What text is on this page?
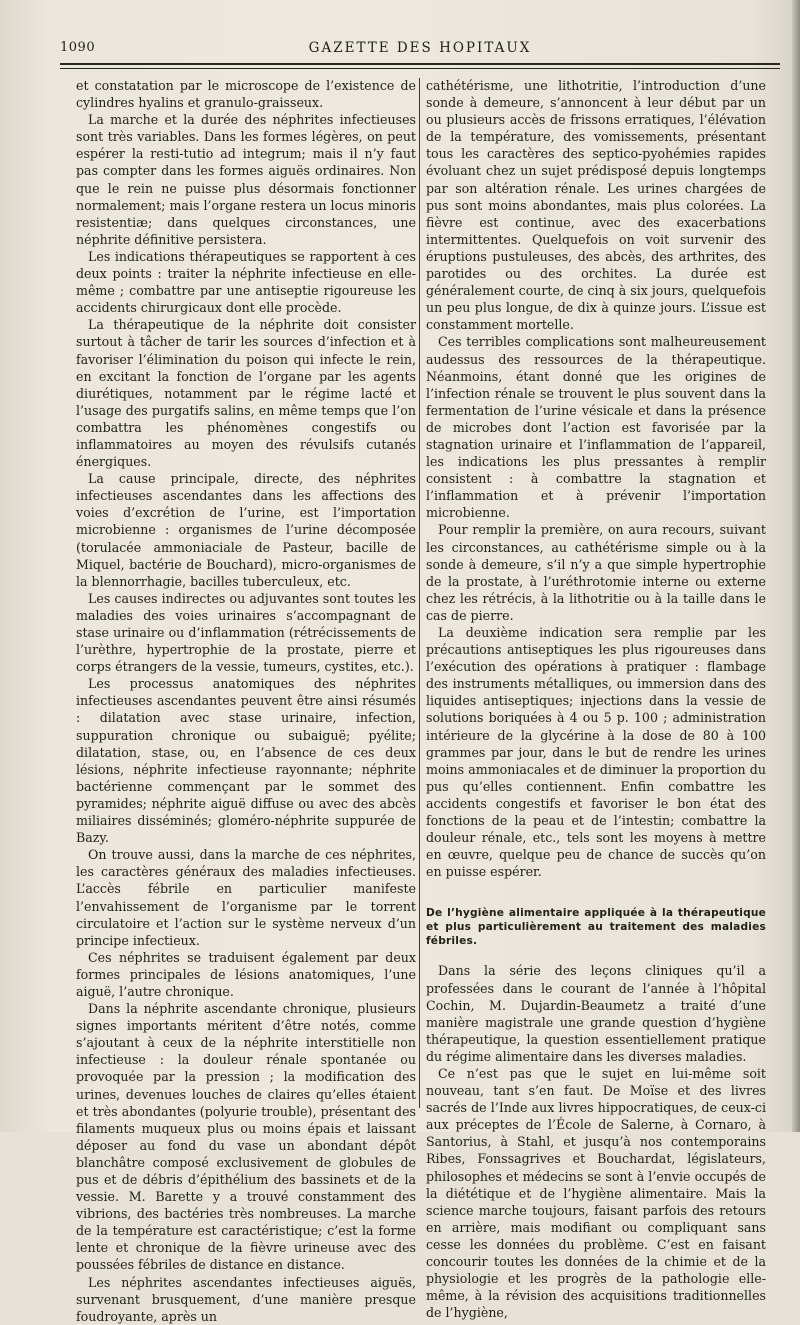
1090	GAZETTE DES HOPITAUX

et constatation par le microscope de l’existence de cylindres hyalins et granulo-graisseux.

La marche et la durée des néphrites infectieuses sont très variables. Dans les formes légères, on peut espérer la resti-tutio ad integrum; mais il n’y faut pas compter dans les formes aiguës ordinaires. Non que le rein ne puisse plus désormais fonctionner normalement; mais l’organe restera un locus minoris resistentiæ; dans quelques circonstances, une néphrite définitive persistera.

Les indications thérapeutiques se rapportent à ces deux points : traiter la néphrite infectieuse en elle-même ; combattre par une antiseptie rigoureuse les accidents chirurgicaux dont elle procède.

La thérapeutique de la néphrite doit consister surtout à tâcher de tarir les sources d’infection et à favoriser l’élimination du poison qui infecte le rein, en excitant la fonction de l’organe par les agents diurétiques, notamment par le régime lacté et l’usage des purgatifs salins, en même temps que l’on combattra les phénomènes congestifs ou inflammatoires au moyen des révulsifs cutanés énergiques.

La cause principale, directe, des néphrites infectieuses ascendantes dans les affections des voies d’excrétion de l’urine, est l’importation microbienne : organismes de l’urine décomposée (torulacée ammoniaciale de Pasteur, bacille de Miquel, bactérie de Bouchard), micro-organismes de la blennorrhagie, bacilles tuberculeux, etc.

Les causes indirectes ou adjuvantes sont toutes les maladies des voies urinaires s’accompagnant de stase urinaire ou d’inflammation (rétrécissements de l’urèthre, hypertrophie de la prostate, pierre et corps étrangers de la vessie, tumeurs, cystites, etc.).

Les processus anatomiques des néphrites infectieuses ascendantes peuvent être ainsi résumés : dilatation avec stase urinaire, infection, suppuration chronique ou subaiguë; pyélite; dilatation, stase, ou, en l’absence de ces deux lésions, néphrite infectieuse rayonnante; néphrite bactérienne commençant par le sommet des pyramides; néphrite aiguë diffuse ou avec des abcès miliaires disséminés; gloméro-néphrite suppurée de Bazy.

On trouve aussi, dans la marche de ces néphrites, les caractères généraux des maladies infectieuses. L’accès fébrile en particulier manifeste l’envahissement de l’organisme par le torrent circulatoire et l’action sur le système nerveux d’un principe infectieux.

Ces néphrites se traduisent également par deux formes principales de lésions anatomiques, l’une aiguë, l’autre chronique.

Dans la néphrite ascendante chronique, plusieurs signes importants méritent d’être notés, comme s’ajoutant à ceux de la néphrite interstitielle non infectieuse : la douleur rénale spontanée ou provoquée par la pression ; la modification des urines, devenues louches de claires qu’elles étaient et très abondantes (polyurie trouble), présentant des filaments muqueux plus ou moins épais et laissant déposer au fond du vase un abondant dépôt blanchâtre composé exclusivement de globules de pus et de débris d’épithélium des bassinets et de la vessie. M. Barette y a trouvé constamment des vibrions, des bactéries très nombreuses. La marche de la température est caractéristique; c’est la forme lente et chronique de la fièvre urineuse avec des poussées fébriles de distance en distance.

Les néphrites ascendantes infectieuses aiguës, survenant brusquement, d’une manière presque foudroyante, après un

cathétérisme, une lithotritie, l’introduction d’une sonde à demeure, s’annoncent à leur début par un ou plusieurs accès de frissons erratiques, l’élévation de la température, des vomissements, présentant tous les caractères des septico-pyohémies rapides évoluant chez un sujet prédisposé depuis longtemps par son altération rénale. Les urines chargées de pus sont moins abondantes, mais plus colorées. La fièvre est continue, avec des exacerbations intermittentes. Quelquefois on voit survenir des éruptions pustuleuses, des abcès, des arthrites, des parotides ou des orchites. La durée est généralement courte, de cinq à six jours, quelquefois un peu plus longue, de dix à quinze jours. L’issue est constamment mortelle.

Ces terribles complications sont malheureusement audessus des ressources de la thérapeutique. Néanmoins, étant donné que les origines de l’infection rénale se trouvent le plus souvent dans la fermentation de l’urine vésicale et dans la présence de microbes dont l’action est favorisée par la stagnation urinaire et l’inflammation de l’appareil, les indications les plus pressantes à remplir consistent : à combattre la stagnation et l’inflammation et à prévenir l’importation microbienne.

Pour remplir la première, on aura recours, suivant les circonstances, au cathétérisme simple ou à la sonde à demeure, s’il n’y a que simple hypertrophie de la prostate, à l’uréthrotomie interne ou externe chez les rétrécis, à la lithotritie ou à la taille dans le cas de pierre.

La deuxième indication sera remplie par les précautions antiseptiques les plus rigoureuses dans l’exécution des opérations à pratiquer : flambage des instruments métalliques, ou immersion dans des liquides antiseptiques; injections dans la vessie de solutions boriquées à 4 ou 5 p. 100 ; administration intérieure de la glycérine à la dose de 80 à 100 grammes par jour, dans le but de rendre les urines moins ammoniacales et de diminuer la proportion du pus qu’elles contiennent. Enfin combattre les accidents congestifs et favoriser le bon état des fonctions de la peau et de l’intestin; combattre la douleur rénale, etc., tels sont les moyens à mettre en œuvre, quelque peu de chance de succès qu’on en puisse espérer.

De l’hygiène alimentaire appliquée à la thérapeutique et plus particulièrement au traitement des maladies fébriles.

Dans la série des leçons cliniques qu’il a professées dans le courant de l’année à l’hôpital Cochin, M. Dujardin-Beaumetz a traité d’une manière magistrale une grande question d’hygiène thérapeutique, la question essentiellement pratique du régime alimentaire dans les diverses maladies.

Ce n’est pas que le sujet en lui-même soit nouveau, tant s’en faut. De Moïse et des livres sacrés de l’Inde aux livres hippocratiques, de ceux-ci aux préceptes de l’École de Salerne, à Cornaro, à Santorius, à Stahl, et jusqu’à nos contemporains Ribes, Fonssagrives et Bouchardat, législateurs, philosophes et médecins se sont à l’envie occupés de la diététique et de l’hygiène alimentaire. Mais la science marche toujours, faisant parfois des retours en arrière, mais modifiant ou compliquant sans cesse les données du problème. C’est en faisant concourir toutes les données de la chimie et de la physiologie et les progrès de la pathologie elle-même, à la révision des acquisitions traditionnelles de l’hygiène,
